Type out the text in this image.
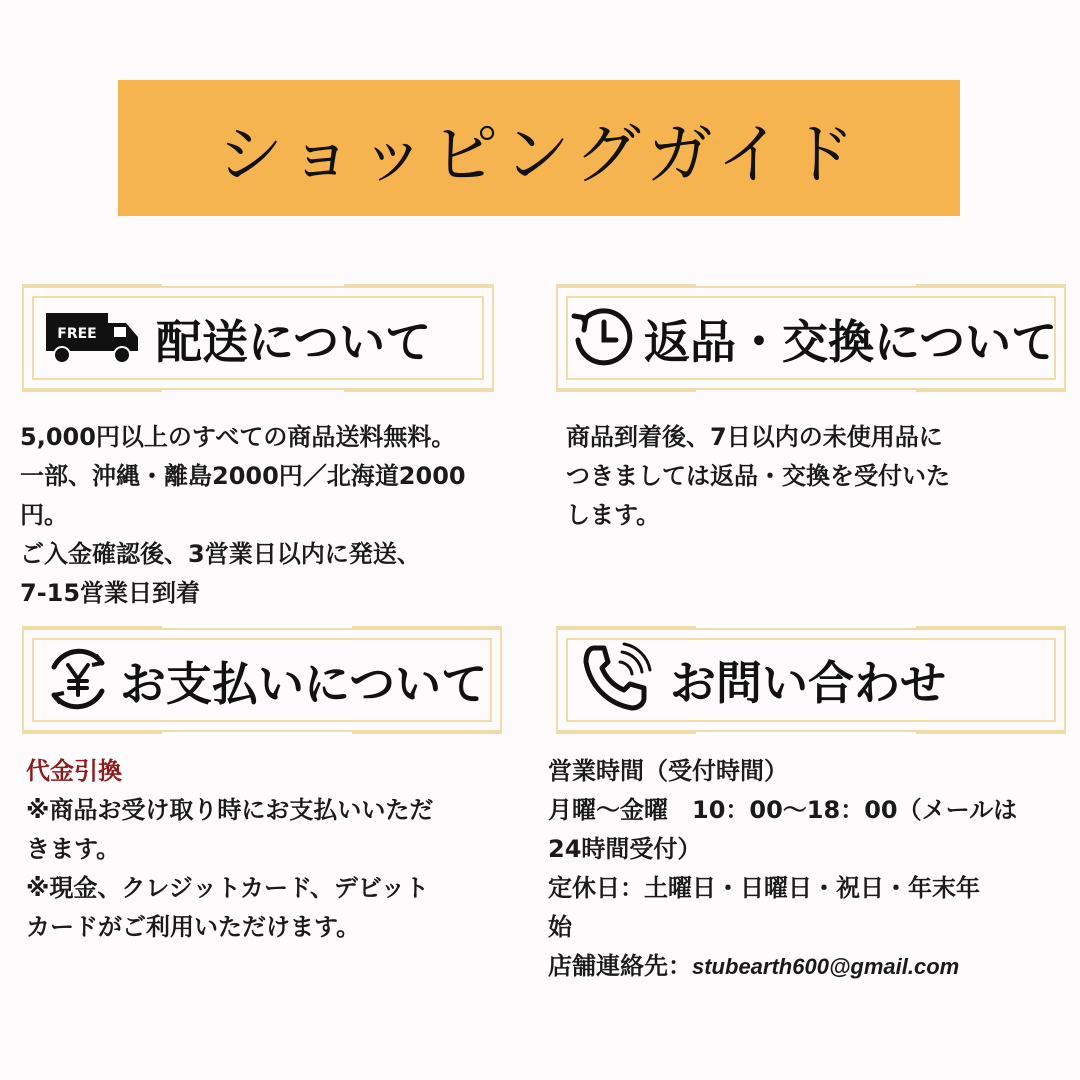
ショッピングガイド
FREE 配送について

5,000円以上のすべての商品送料無料。

一部、沖縄・離島2000円／北海道2000

円。

ご入金確認後、3営業日以内に発送、

7-15営業日到着

返品・交換について

商品到着後、7日以内の未使用品に

つきましては返品・交換を受付いた

します。

お支払いについて

代金引換

※商品お受け取り時にお支払いいただ

きます。

※現金、クレジットカード、デビット

カードがご利用いただけます。

お問い合わせ

営業時間（受付時間）

月曜～金曜　10：00～18：00（メールは

24時間受付）

定休日：土曜日・日曜日・祝日・年末年

始

店舗連絡先：stubearth600@gmail.com
